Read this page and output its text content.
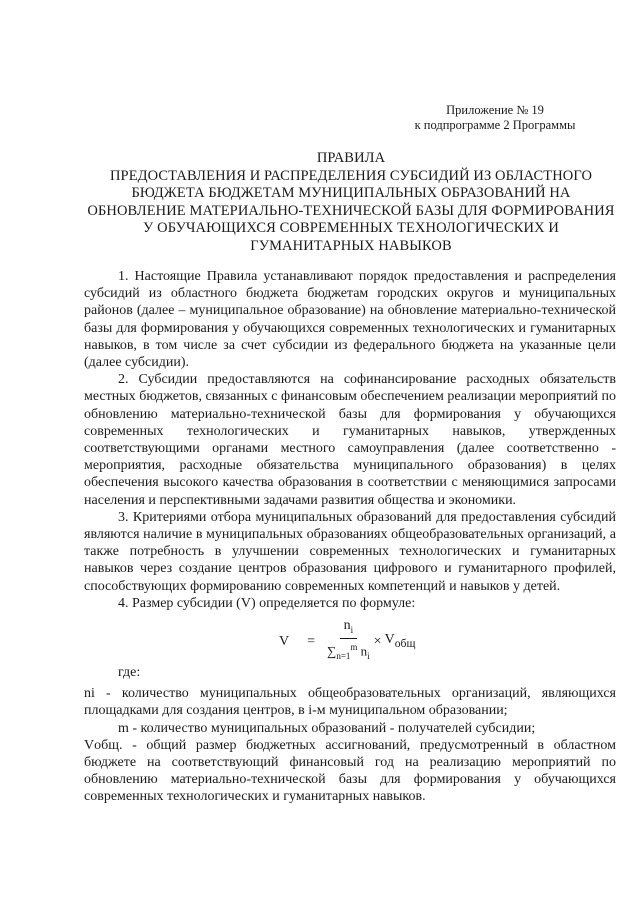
Приложение № 19
к подпрограмме 2 Программы
ПРАВИЛА
ПРЕДОСТАВЛЕНИЯ И РАСПРЕДЕЛЕНИЯ СУБСИДИЙ ИЗ ОБЛАСТНОГО
БЮДЖЕТА БЮДЖЕТАМ МУНИЦИПАЛЬНЫХ ОБРАЗОВАНИЙ НА
ОБНОВЛЕНИЕ МАТЕРИАЛЬНО-ТЕХНИЧЕСКОЙ БАЗЫ ДЛЯ ФОРМИРОВАНИЯ
У ОБУЧАЮЩИХСЯ СОВРЕМЕННЫХ ТЕХНОЛОГИЧЕСКИХ И
ГУМАНИТАРНЫХ НАВЫКОВ

1. Настоящие Правила устанавливают порядок предоставления и распределения субсидий из областного бюджета бюджетам городских округов и муниципальных районов (далее – муниципальное образование) на обновление материально-технической базы для формирования у обучающихся современных технологических и гуманитарных навыков, в том числе за счет субсидии из федерального бюджета на указанные цели (далее субсидии).

2. Субсидии предоставляются на софинансирование расходных обязательств местных бюджетов, связанных с финансовым обеспечением реализации мероприятий по обновлению материально-технической базы для формирования у обучающихся современных технологических и гуманитарных навыков, утвержденных соответствующими органами местного самоуправления (далее соответственно - мероприятия, расходные обязательства муниципального образования) в целях обеспечения высокого качества образования в соответствии с меняющимися запросами населения и перспективными задачами развития общества и экономики.

3. Критериями отбора муниципальных образований для предоставления субсидий являются наличие в муниципальных образованиях общеобразовательных организаций, а также потребность в улучшении современных технологических и гуманитарных навыков через создание центров образования цифрового и гуманитарного профилей, способствующих формированию современных компетенций и навыков у детей.

4. Размер субсидии (V) определяется по формуле:

$V = \frac{n_i}{\sum_{n=1}^m n_i} \times V_{общ}$

где:

ni - количество муниципальных общеобразовательных организаций, являющихся площадками для создания центров, в i-м муниципальном образовании;

m - количество муниципальных образований - получателей субсидии;

Vобщ. - общий размер бюджетных ассигнований, предусмотренный в областном бюджете на соответствующий финансовый год на реализацию мероприятий по обновлению материально-технической базы для формирования у обучающихся современных технологических и гуманитарных навыков.
